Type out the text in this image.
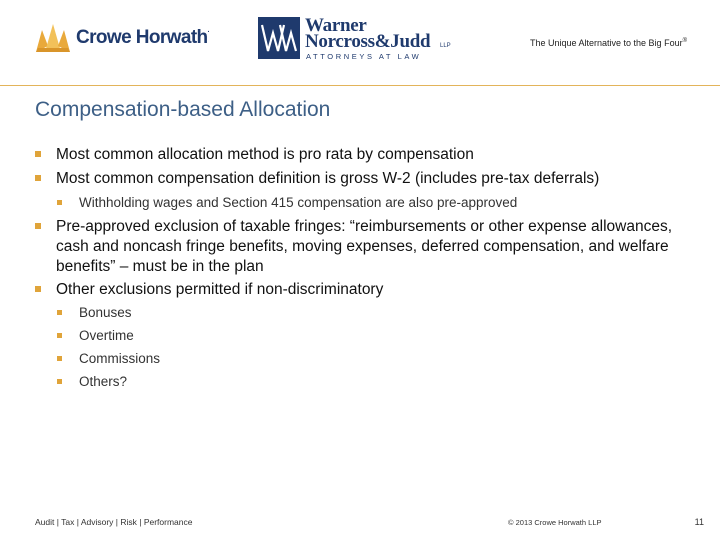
Crowe Horwath.	Warner
Norcross&Judd LLP
ATTORNEYS AT LAW
The Unique Alternative to the Big Four®
Compensation-based Allocation
Most common allocation method is pro rata by compensation
Most common compensation definition is gross W-2 (includes pre-tax deferrals)
Withholding wages and Section 415 compensation are also pre-approved
Pre-approved exclusion of taxable fringes: “reimbursements or other expense allowances, cash and noncash fringe benefits, moving expenses, deferred compensation, and welfare benefits” – must be in the plan
Other exclusions permitted if non-discriminatory
Bonuses
Overtime
Commissions
Others?
Audit | Tax | Advisory | Risk | Performance	© 2013 Crowe Horwath LLP	11
